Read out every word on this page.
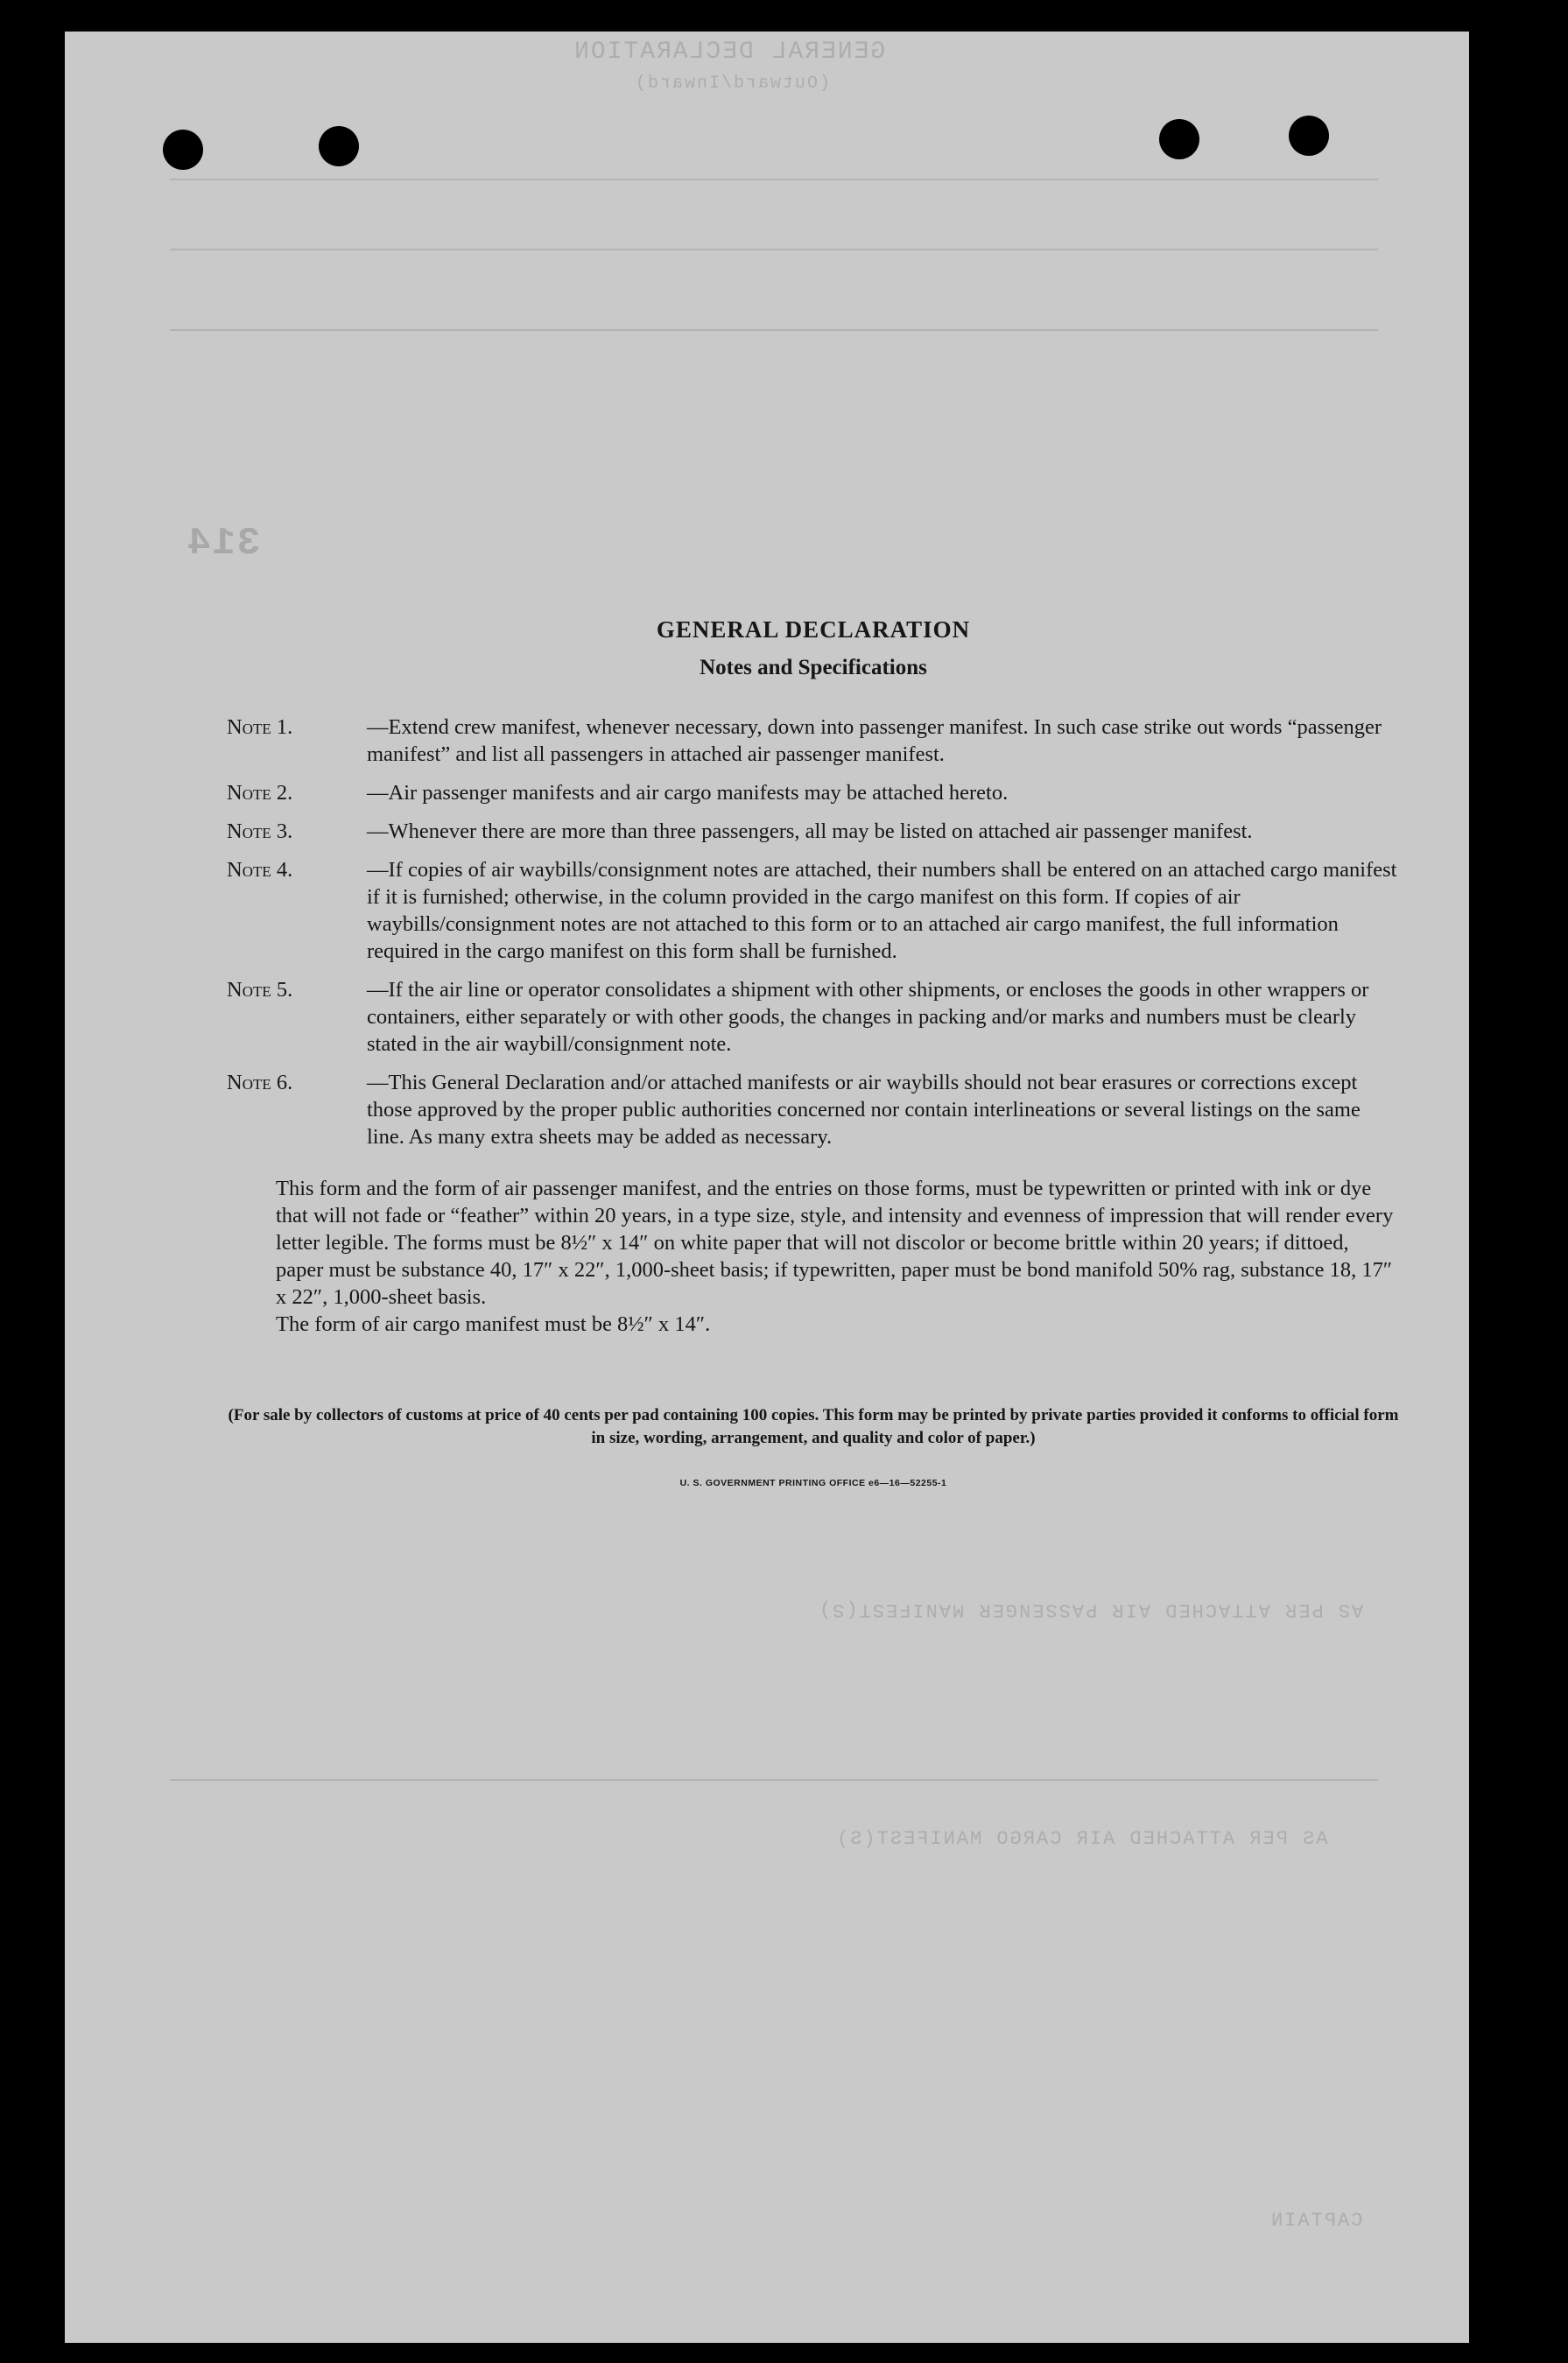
GENERAL DECLARATION
(Outward/Inward)
314
AS PER ATTACHED AIR PASSENGER MANIFEST(S)
AS PER ATTACHED AIR CARGO MANIFEST(S)
CAPTAIN
GENERAL DECLARATION
Notes and Specifications
Note 1.	—Extend crew manifest, whenever necessary, down into passenger manifest. In such case strike out words “passenger manifest” and list all passengers in attached air passenger manifest.
Note 2.	—Air passenger manifests and air cargo manifests may be attached hereto.
Note 3.	—Whenever there are more than three passengers, all may be listed on attached air passenger manifest.
Note 4.	—If copies of air waybills/consignment notes are attached, their numbers shall be entered on an attached cargo manifest if it is furnished; otherwise, in the column provided in the cargo manifest on this form. If copies of air waybills/consignment notes are not attached to this form or to an attached air cargo manifest, the full information required in the cargo manifest on this form shall be furnished.
Note 5.	—If the air line or operator consolidates a shipment with other shipments, or encloses the goods in other wrappers or containers, either separately or with other goods, the changes in packing and/or marks and numbers must be clearly stated in the air waybill/consignment note.
Note 6.	—This General Declaration and/or attached manifests or air waybills should not bear erasures or corrections except those approved by the proper public authorities concerned nor contain interlineations or several listings on the same line. As many extra sheets may be added as necessary.
This form and the form of air passenger manifest, and the entries on those forms, must be typewritten or printed with ink or dye that will not fade or “feather” within 20 years, in a type size, style, and intensity and evenness of impression that will render every letter legible. The forms must be 8½″ x 14″ on white paper that will not discolor or become brittle within 20 years; if dittoed, paper must be substance 40, 17″ x 22″, 1,000-sheet basis; if typewritten, paper must be bond manifold 50% rag, substance 18, 17″ x 22″, 1,000-sheet basis.
The form of air cargo manifest must be 8½″ x 14″.
(For sale by collectors of customs at price of 40 cents per pad containing 100 copies. This form may be printed by private parties provided it conforms to official form in size, wording, arrangement, and quality and color of paper.)
U. S. GOVERNMENT PRINTING OFFICE e6—16—52255-1
